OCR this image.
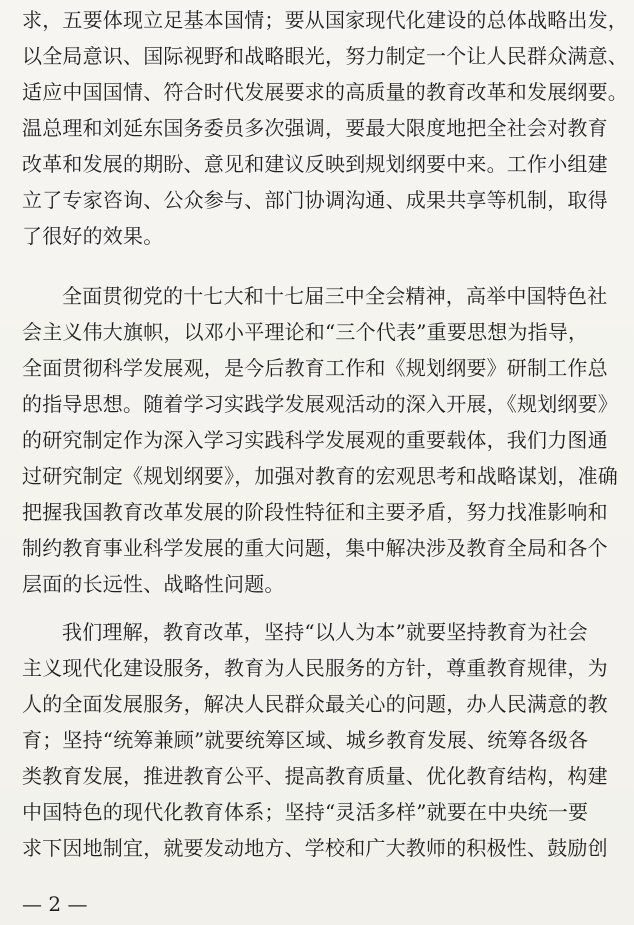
求，五要体现立足基本国情；要从国家现代化建设的总体战略出发，
以全局意识、国际视野和战略眼光，努力制定一个让人民群众满意、
适应中国国情、符合时代发展要求的高质量的教育改革和发展纲要。
温总理和刘延东国务委员多次强调，要最大限度地把全社会对教育
改革和发展的期盼、意见和建议反映到规划纲要中来。工作小组建
立了专家咨询、公众参与、部门协调沟通、成果共享等机制，取得
了很好的效果。
全面贯彻党的十七大和十七届三中全会精神，高举中国特色社
会主义伟大旗帜，以邓小平理论和“三个代表”重要思想为指导，
全面贯彻科学发展观，是今后教育工作和《规划纲要》研制工作总
的指导思想。随着学习实践学发展观活动的深入开展，《规划纲要》
的研究制定作为深入学习实践科学发展观的重要载体，我们力图通
过研究制定《规划纲要》，加强对教育的宏观思考和战略谋划，准确
把握我国教育改革发展的阶段性特征和主要矛盾，努力找准影响和
制约教育事业科学发展的重大问题，集中解决涉及教育全局和各个
层面的长远性、战略性问题。
我们理解，教育改革，坚持“以人为本”就要坚持教育为社会
主义现代化建设服务，教育为人民服务的方针，尊重教育规律，为
人的全面发展服务，解决人民群众最关心的问题，办人民满意的教
育；坚持“统筹兼顾”就要统筹区域、城乡教育发展、统筹各级各
类教育发展，推进教育公平、提高教育质量、优化教育结构，构建
中国特色的现代化教育体系；坚持“灵活多样”就要在中央统一要
求下因地制宜，就要发动地方、学校和广大教师的积极性、鼓励创
— 2 —
